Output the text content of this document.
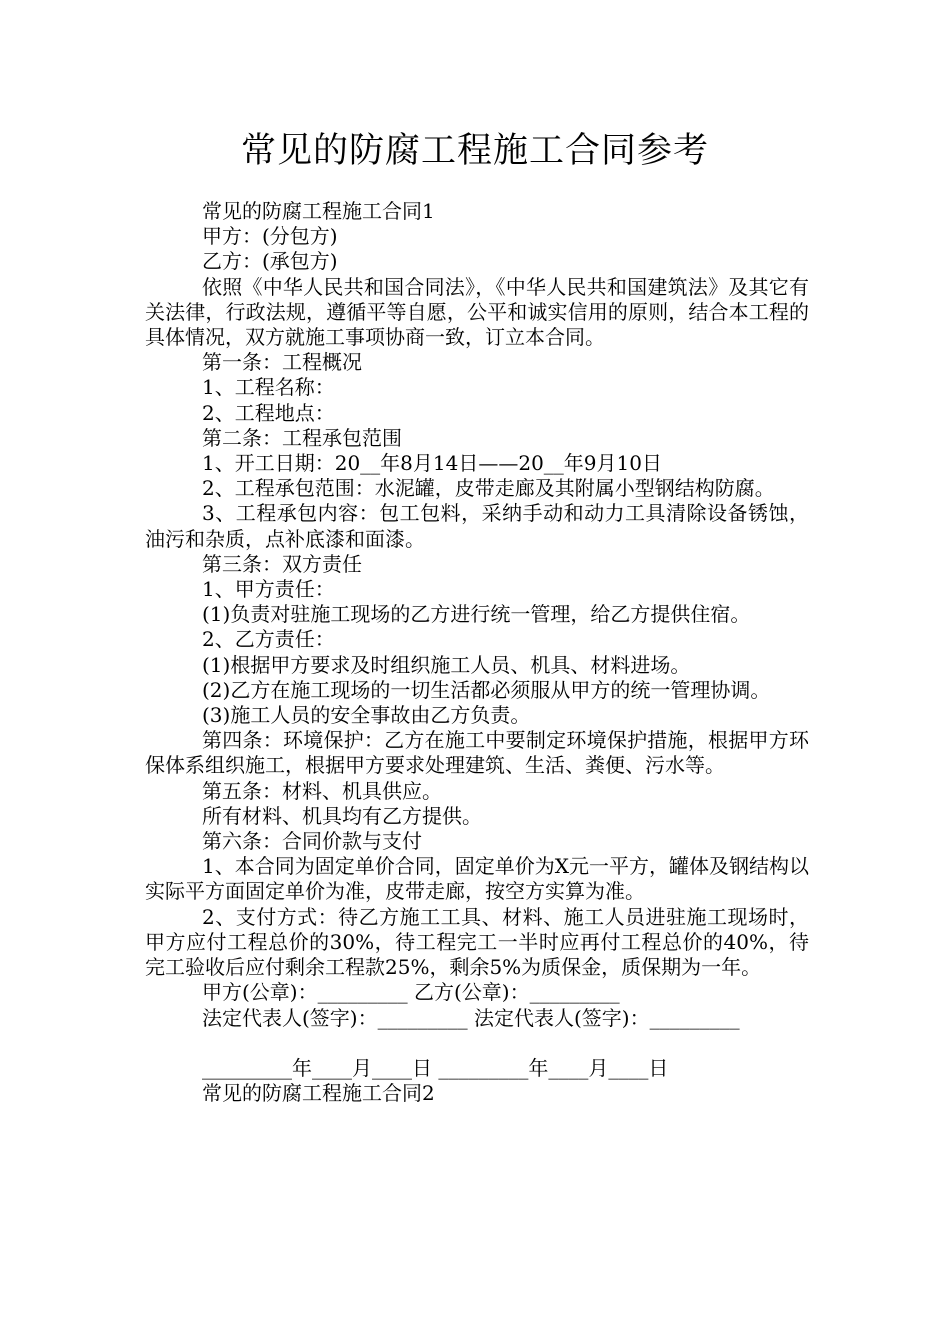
常见的防腐工程施工合同参考

常见的防腐工程施工合同1

甲方：(分包方)

乙方：(承包方)

依照《中华人民共和国合同法》，《中华人民共和国建筑法》及其它有关法律，行政法规，遵循平等自愿，公平和诚实信用的原则，结合本工程的具体情况，双方就施工事项协商一致，订立本合同。

第一条：工程概况

1、工程名称：

2、工程地点：

第二条：工程承包范围

1、开工日期：20__年8月14日——20__年9月10日

2、工程承包范围：水泥罐，皮带走廊及其附属小型钢结构防腐。

3、工程承包内容：包工包料，采纳手动和动力工具清除设备锈蚀，油污和杂质，点补底漆和面漆。

第三条：双方责任

1、甲方责任：

(1)负责对驻施工现场的乙方进行统一管理，给乙方提供住宿。

2、乙方责任：

(1)根据甲方要求及时组织施工人员、机具、材料进场。

(2)乙方在施工现场的一切生活都必须服从甲方的统一管理协调。

(3)施工人员的安全事故由乙方负责。

第四条：环境保护：乙方在施工中要制定环境保护措施，根据甲方环保体系组织施工，根据甲方要求处理建筑、生活、粪便、污水等。

第五条：材料、机具供应。

所有材料、机具均有乙方提供。

第六条：合同价款与支付

1、本合同为固定单价合同，固定单价为X元一平方，罐体及钢结构以实际平方面固定单价为准，皮带走廊，按空方实算为准。

2、支付方式：待乙方施工工具、材料、施工人员进驻施工现场时，甲方应付工程总价的30%，待工程完工一半时应再付工程总价的40%，待完工验收后应付剩余工程款25%，剩余5%为质保金，质保期为一年。

甲方(公章)：_________ 乙方(公章)：_________

法定代表人(签字)：_________ 法定代表人(签字)：_________

_________年____月____日 _________年____月____日

常见的防腐工程施工合同2
